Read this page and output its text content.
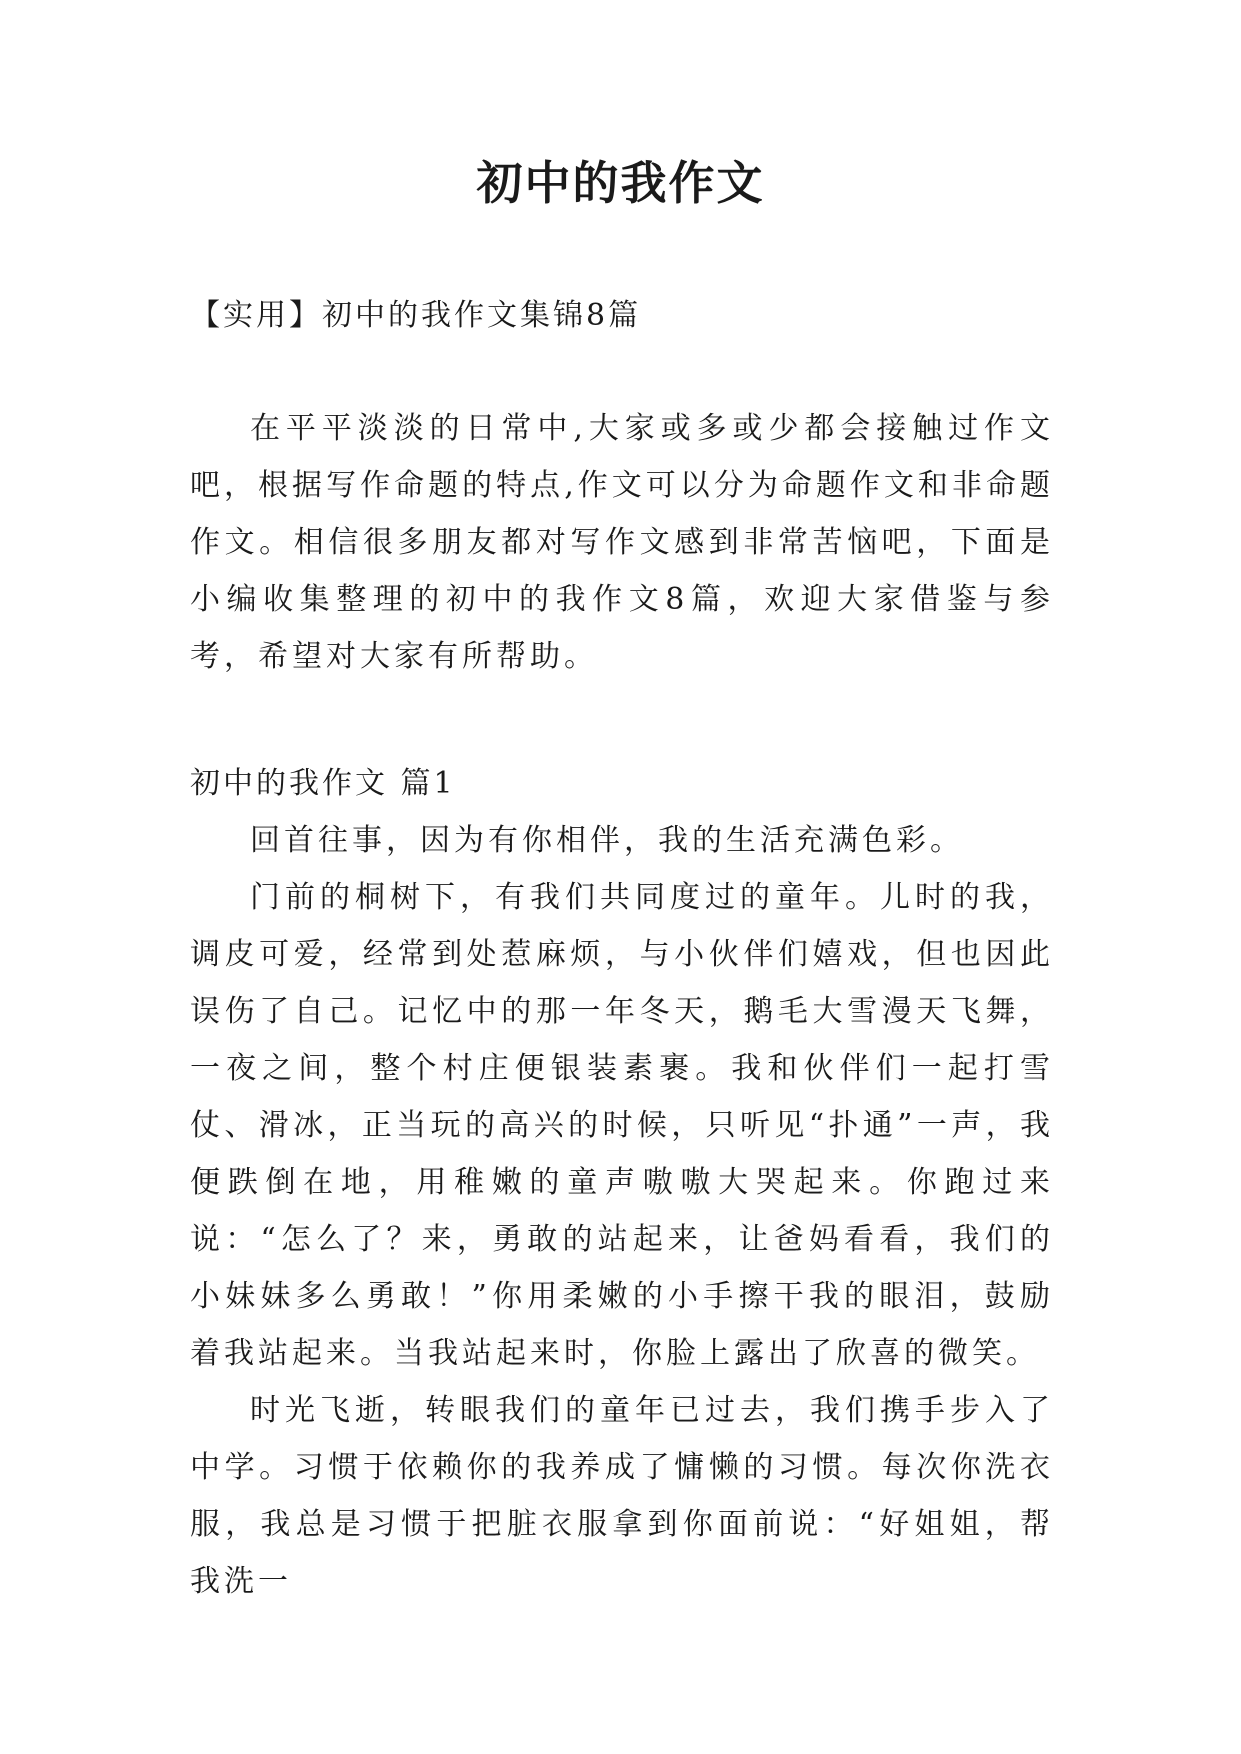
初中的我作文
【实用】初中的我作文集锦8篇

在平平淡淡的日常中,大家或多或少都会接触过作文吧，根据写作命题的特点,作文可以分为命题作文和非命题作文。相信很多朋友都对写作文感到非常苦恼吧，下面是小编收集整理的初中的我作文8篇，欢迎大家借鉴与参考，希望对大家有所帮助。

初中的我作文 篇1

回首往事，因为有你相伴，我的生活充满色彩。

门前的桐树下，有我们共同度过的童年。儿时的我，调皮可爱，经常到处惹麻烦，与小伙伴们嬉戏，但也因此误伤了自己。记忆中的那一年冬天，鹅毛大雪漫天飞舞，一夜之间，整个村庄便银装素裹。我和伙伴们一起打雪仗、滑冰，正当玩的高兴的时候，只听见“扑通”一声，我便跌倒在地，用稚嫩的童声嗷嗷大哭起来。你跑过来说：“怎么了？来，勇敢的站起来，让爸妈看看，我们的小妹妹多么勇敢！”你用柔嫩的小手擦干我的眼泪，鼓励着我站起来。当我站起来时，你脸上露出了欣喜的微笑。

时光飞逝，转眼我们的童年已过去，我们携手步入了中学。习惯于依赖你的我养成了慵懒的习惯。每次你洗衣服，我总是习惯于把脏衣服拿到你面前说：“好姐姐，帮我洗一
